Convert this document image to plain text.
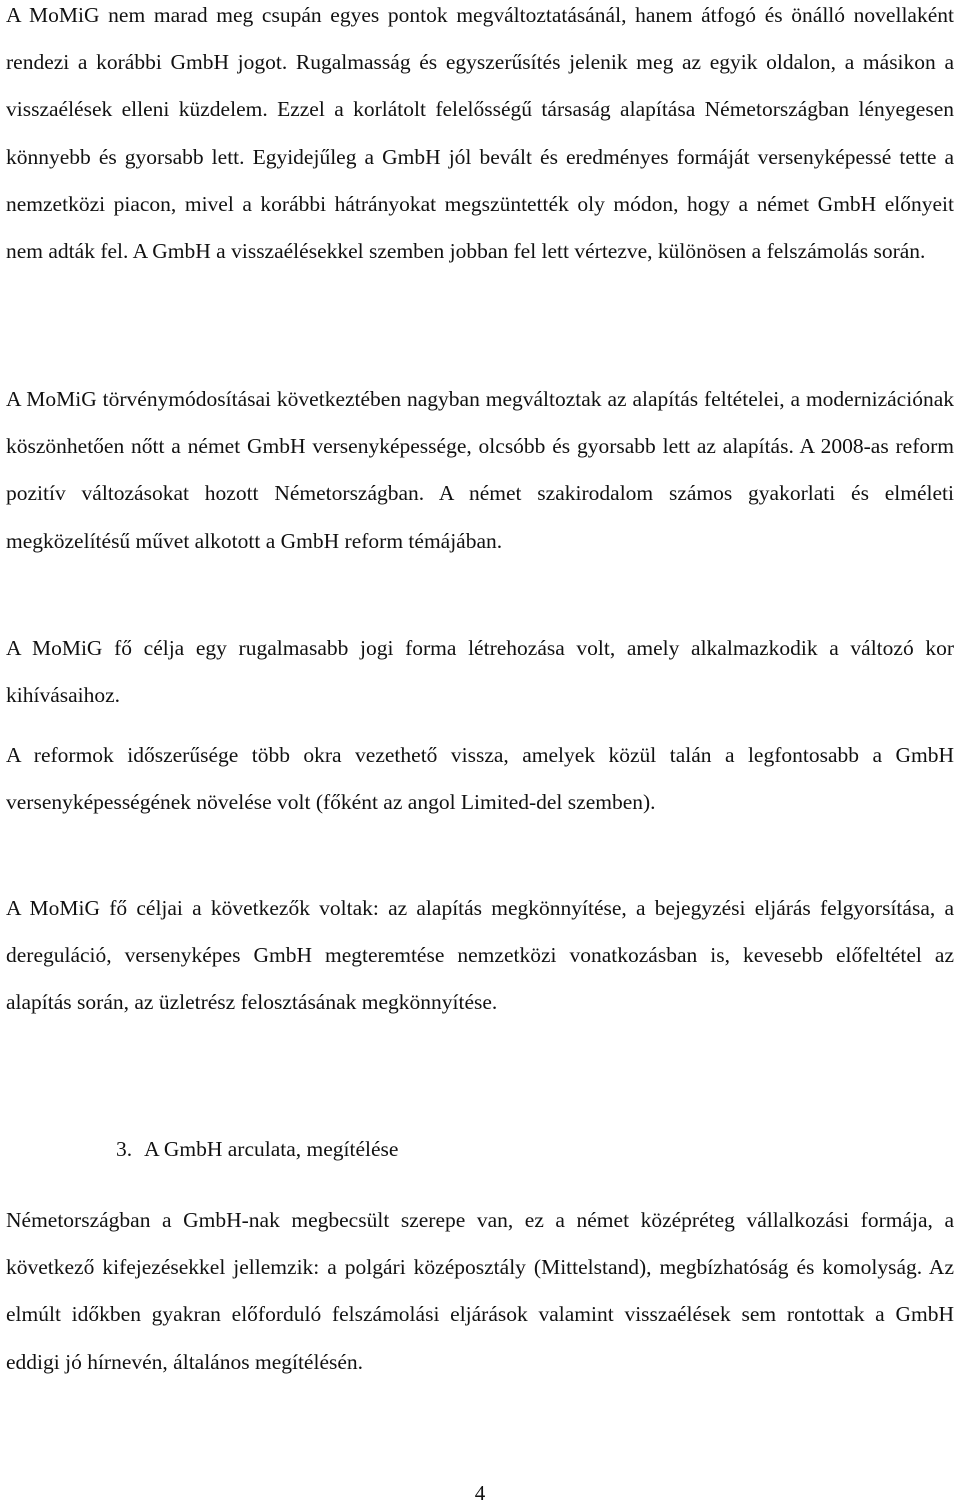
A MoMiG nem marad meg csupán egyes pontok megváltoztatásánál, hanem átfogó és önálló novellaként rendezi a korábbi GmbH jogot. Rugalmasság és egyszerűsítés jelenik meg az egyik oldalon, a másikon a visszaélések elleni küzdelem. Ezzel a korlátolt felelősségű társaság alapítása Németországban lényegesen könnyebb és gyorsabb lett. Egyidejűleg a GmbH jól bevált és eredményes formáját versenyképessé tette a nemzetközi piacon, mivel a korábbi hátrányokat megszüntették oly módon, hogy a német GmbH előnyeit nem adták fel. A GmbH a visszaélésekkel szemben jobban fel lett vértezve, különösen a felszámolás során.

A MoMiG törvénymódosításai következtében nagyban megváltoztak az alapítás feltételei, a modernizációnak köszönhetően nőtt a német GmbH versenyképessége, olcsóbb és gyorsabb lett az alapítás. A 2008-as reform pozitív változásokat hozott Németországban. A német szakirodalom számos gyakorlati és elméleti megközelítésű művet alkotott a GmbH reform témájában.

A MoMiG fő célja egy rugalmasabb jogi forma létrehozása volt, amely alkalmazkodik a változó kor kihívásaihoz.

A reformok időszerűsége több okra vezethető vissza, amelyek közül talán a legfontosabb a GmbH versenyképességének növelése volt (főként az angol Limited-del szemben).

A MoMiG fő céljai a következők voltak: az alapítás megkönnyítése, a bejegyzési eljárás felgyorsítása, a dereguláció, versenyképes GmbH megteremtése nemzetközi vonatkozásban is, kevesebb előfeltétel az alapítás során, az üzletrész felosztásának megkönnyítése.

3. A GmbH arculata, megítélése

Németországban a GmbH-nak megbecsült szerepe van, ez a német középréteg vállalkozási formája, a következő kifejezésekkel jellemzik: a polgári középosztály (Mittelstand), megbízhatóság és komolyság. Az elmúlt időkben gyakran előforduló felszámolási eljárások valamint visszaélések sem rontottak a GmbH eddigi jó hírnevén, általános megítélésén.

4
